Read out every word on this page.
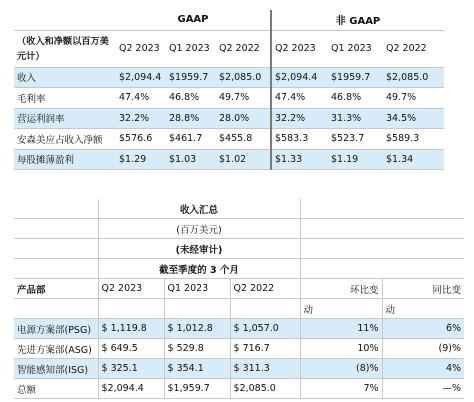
	GAAP			非 GAAP		
（收入和净额以百万美元计）	Q2 2023	Q1 2023	Q2 2022	Q2 2023	Q1 2023	Q2 2022
收入	$2,094.4	$1959.7	$2,085.0	$2,094.4	$1959.7	$2,085.0
毛利率	47.4%	46.8%	49.7%	47.4%	46.8%	49.7%
营运利润率	32.2%	28.8%	28.0%	32.2%	31.3%	34.5%
安森美应占收入净额	$576.6	$461.7	$455.8	$583.3	$523.7	$589.3
每股摊薄盈利	$1.29	$1.03	$1.02	$1.33	$1.19	$1.34
	收入汇总				
	(百万美元)				
	(未经审计)				
	截至季度的 3 个月				
产品部	Q2 2023	Q1 2023	Q2 2022	环比变	同比变
				动	动
电源方案部(PSG)	$ 1,119.8	$ 1,012.8	$ 1,057.0	11%	6%
先进方案部(ASG)	$ 649.5	$ 529.8	$ 716.7	10%	(9)%
智能感知部(ISG)	$ 325.1	$ 354.1	$ 311.3	(8)%	4%
总额	$2,094.4	$1,959.7	$2,085.0	7%	—%
